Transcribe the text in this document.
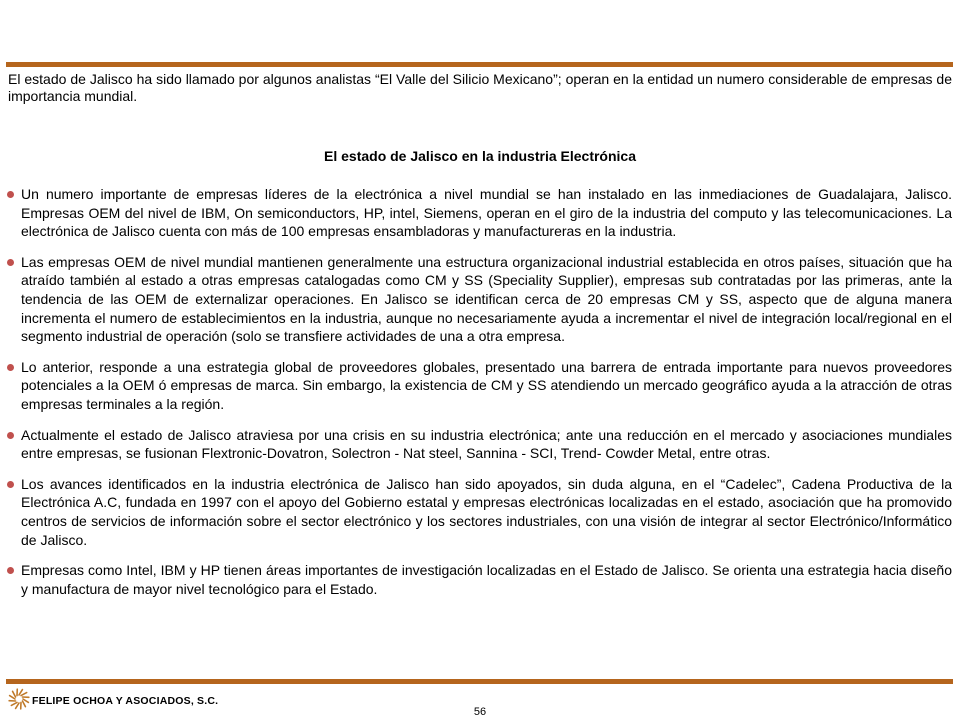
El estado de Jalisco ha sido llamado por algunos analistas “El Valle del Silicio Mexicano”; operan en la entidad un numero considerable de empresas de importancia mundial.

El estado de Jalisco en la industria Electrónica
Un numero importante de empresas líderes de la electrónica a nivel mundial se han instalado en las inmediaciones de Guadalajara, Jalisco. Empresas OEM del nivel de IBM, On semiconductors, HP, intel, Siemens, operan en el giro de la industria del computo y las telecomunicaciones. La electrónica de Jalisco cuenta con más de 100 empresas ensambladoras y manufactureras en la industria.
Las empresas OEM de nivel mundial mantienen generalmente una estructura organizacional industrial establecida en otros países, situación que ha atraído también al estado a otras empresas catalogadas como CM y SS (Speciality Supplier), empresas sub contratadas por las primeras, ante la tendencia de las OEM de externalizar operaciones. En Jalisco se identifican cerca de 20 empresas CM y SS, aspecto que de alguna manera incrementa el numero de establecimientos en la industria, aunque no necesariamente ayuda a incrementar el nivel de integración local/regional en el segmento industrial de operación (solo se transfiere actividades de una a otra empresa.
Lo anterior, responde a una estrategia global de proveedores globales, presentado una barrera de entrada importante para nuevos proveedores potenciales a la OEM ó empresas de marca. Sin embargo, la existencia de CM y SS atendiendo un mercado geográfico ayuda a la atracción de otras empresas terminales a la región.
Actualmente el estado de Jalisco atraviesa por una crisis en su industria electrónica; ante una reducción en el mercado y asociaciones mundiales entre empresas, se fusionan Flextronic-Dovatron, Solectron - Nat steel, Sannina - SCI, Trend- Cowder Metal, entre otras.
Los avances identificados en la industria electrónica de Jalisco han sido apoyados, sin duda alguna, en el “Cadelec”, Cadena Productiva de la Electrónica A.C, fundada en 1997 con el apoyo del Gobierno estatal y empresas electrónicas localizadas en el estado, asociación que ha promovido centros de servicios de información sobre el sector electrónico y los sectores industriales, con una visión de integrar al sector Electrónico/Informático de Jalisco.
Empresas como Intel, IBM y HP tienen áreas importantes de investigación localizadas en el Estado de Jalisco. Se orienta una estrategia hacia diseño y manufactura de mayor nivel tecnológico para el Estado.
FELIPE OCHOA Y ASOCIADOS, S.C.
56
